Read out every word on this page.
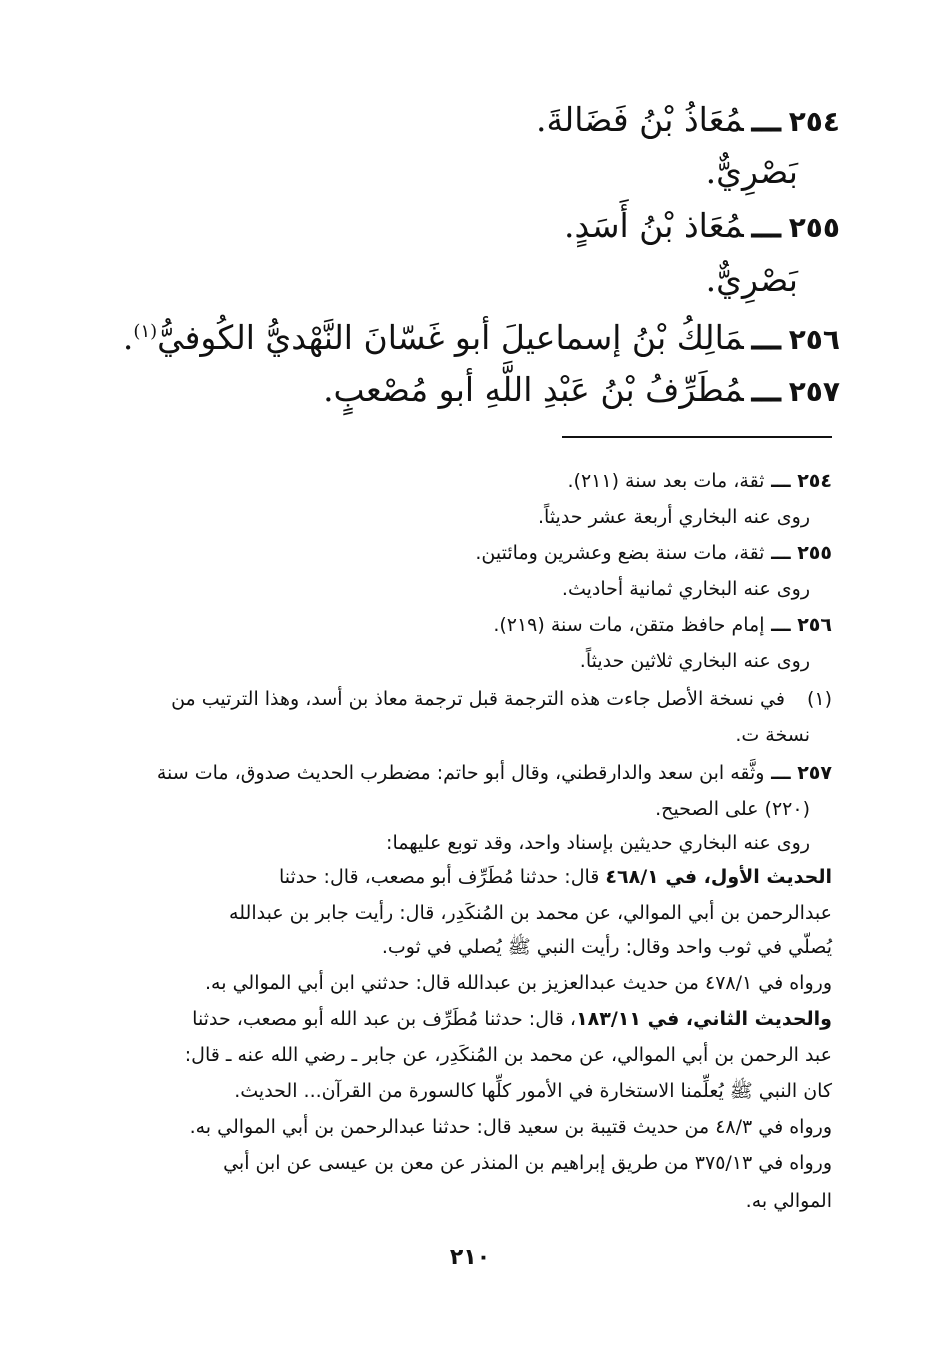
٢٥٤ـــمُعَاذُ بْنُ فَضَالةَ.
بَصْرِيٌّ.
٢٥٥ـــمُعَاذ بْنُ أَسَدٍ.
بَصْرِيٌّ.
٢٥٦ـــمَالِكُ بْنُ إسماعيلَ أبو غَسّانَ النَّهْديُّ الكُوفيُّ$^{(١)}$.
٢٥٧ـــمُطَرِّفُ بْنُ عَبْدِ اللَّهِ أبو مُصْعبٍ.
٢٥٤ ـــ ثقة، مات بعد سنة (٢١١).
روى عنه البخاري أربعة عشر حديثاً.
٢٥٥ ـــ ثقة، مات سنة بضع وعشرين ومائتين.
روى عنه البخاري ثمانية أحاديث.
٢٥٦ ـــ إمام حافظ متقن، مات سنة (٢١٩).
روى عنه البخاري ثلاثين حديثاً.
(١)في نسخة الأصل جاءت هذه الترجمة قبل ترجمة معاذ بن أسد، وهذا الترتيب من
نسخة ت.
٢٥٧ ـــ وثَّقه ابن سعد والدارقطني، وقال أبو حاتم: مضطرب الحديث صدوق، مات سنة
(٢٢٠) على الصحيح.
روى عنه البخاري حديثين بإسناد واحد، وقد توبع عليهما:
الحديث الأول، في ٤٦٨/١ قال: حدثنا مُطَرِّف أبو مصعب، قال: حدثنا
عبدالرحمن بن أبي الموالي، عن محمد بن المُنكَدِر، قال: رأيت جابر بن عبدالله
يُصلّي في ثوب واحد وقال: رأيت النبي ﷺ يُصلي في ثوب.
ورواه في ٤٧٨/١ من حديث عبدالعزيز بن عبدالله قال: حدثني ابن أبي الموالي به.
والحديث الثاني، في ١٨٣/١١، قال: حدثنا مُطَرِّف بن عبد الله أبو مصعب، حدثنا
عبد الرحمن بن أبي الموالي، عن محمد بن المُنكَدِر، عن جابر ـ رضي الله عنه ـ قال:
كان النبي ﷺ يُعلِّمنا الاستخارة في الأمور كلِّها كالسورة من القرآن... الحديث.
ورواه في ٤٨/٣ من حديث قتيبة بن سعيد قال: حدثنا عبدالرحمن بن أبي الموالي به.
ورواه في ٣٧٥/١٣ من طريق إبراهيم بن المنذر عن معن بن عيسى عن ابن أبي
الموالي به.
٢١٠
